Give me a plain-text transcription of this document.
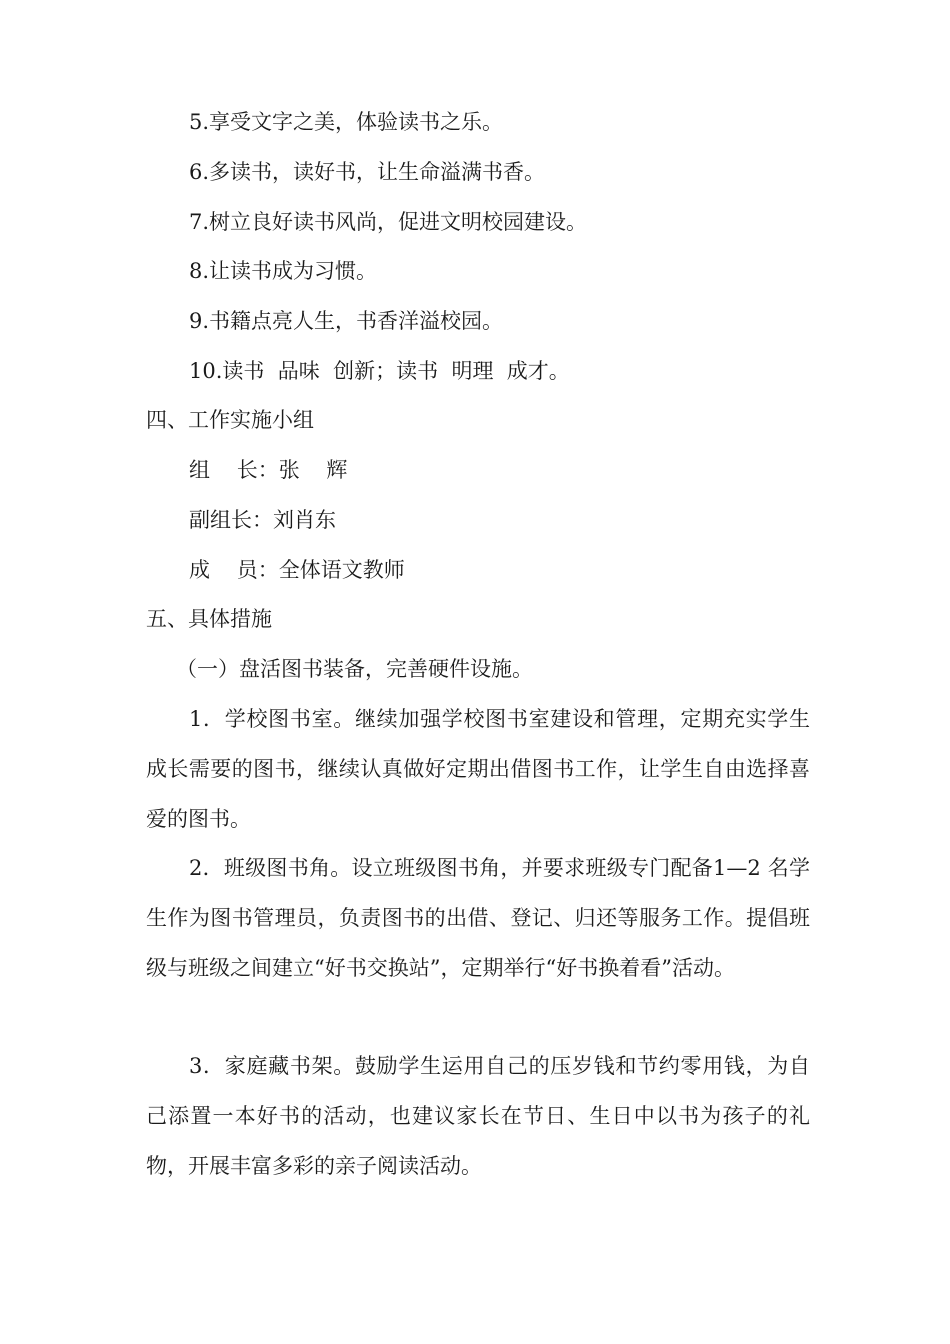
5.享受文字之美，体验读书之乐。
6.多读书，读好书，让生命溢满书香。
7.树立良好读书风尚，促进文明校园建设。
8.让读书成为习惯。
9.书籍点亮人生，书香洋溢校园。
10.读书  品味  创新；读书  明理  成才。
四、工作实施小组
组    长：张    辉
副组长：刘肖东
成    员：全体语文教师
五、具体措施
（一）盘活图书装备，完善硬件设施。
1．学校图书室。继续加强学校图书室建设和管理，定期充实学生成长需要的图书，继续认真做好定期出借图书工作，让学生自由选择喜爱的图书。
2．班级图书角。设立班级图书角，并要求班级专门配备1—2 名学生作为图书管理员，负责图书的出借、登记、归还等服务工作。提倡班级与班级之间建立“好书交换站”，定期举行“好书换着看”活动。
3．家庭藏书架。鼓励学生运用自己的压岁钱和节约零用钱，为自己添置一本好书的活动，也建议家长在节日、生日中以书为孩子的礼物，开展丰富多彩的亲子阅读活动。
